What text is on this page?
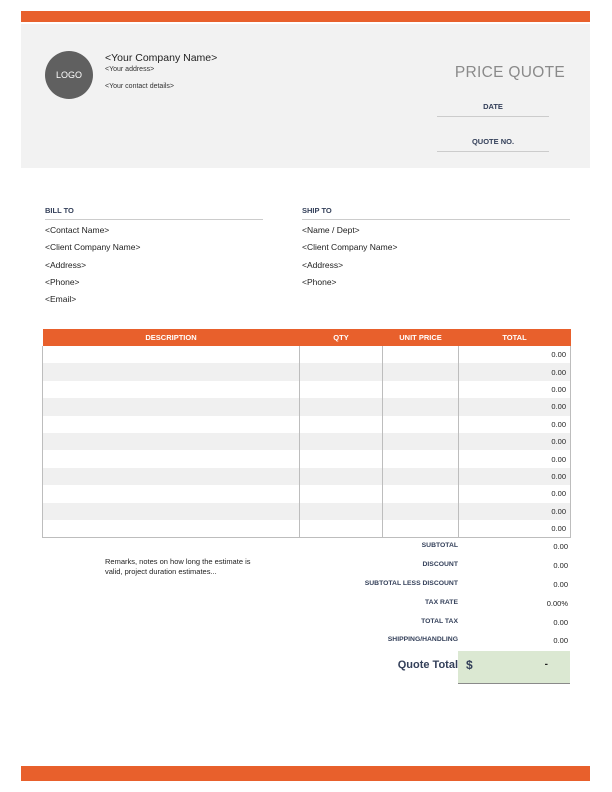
LOGO
<Your Company Name>
<Your address>
<Your contact details>
PRICE QUOTE
DATE
QUOTE NO.
BILL TO
<Contact Name>
<Client Company Name>
<Address>
<Phone>
<Email>
SHIP TO
<Name / Dept>
<Client Company Name>
<Address>
<Phone>
DESCRIPTION	QTY	UNIT PRICE	TOTAL
			0.00
			0.00
			0.00
			0.00
			0.00
			0.00
			0.00
			0.00
			0.00
			0.00
			0.00
Remarks, notes on how long the estimate is valid, project duration estimates...
SUBTOTAL	0.00
DISCOUNT	0.00
SUBTOTAL LESS DISCOUNT	0.00
TAX RATE	0.00%
TOTAL TAX	0.00
SHIPPING/HANDLING	0.00
Quote Total $	-
